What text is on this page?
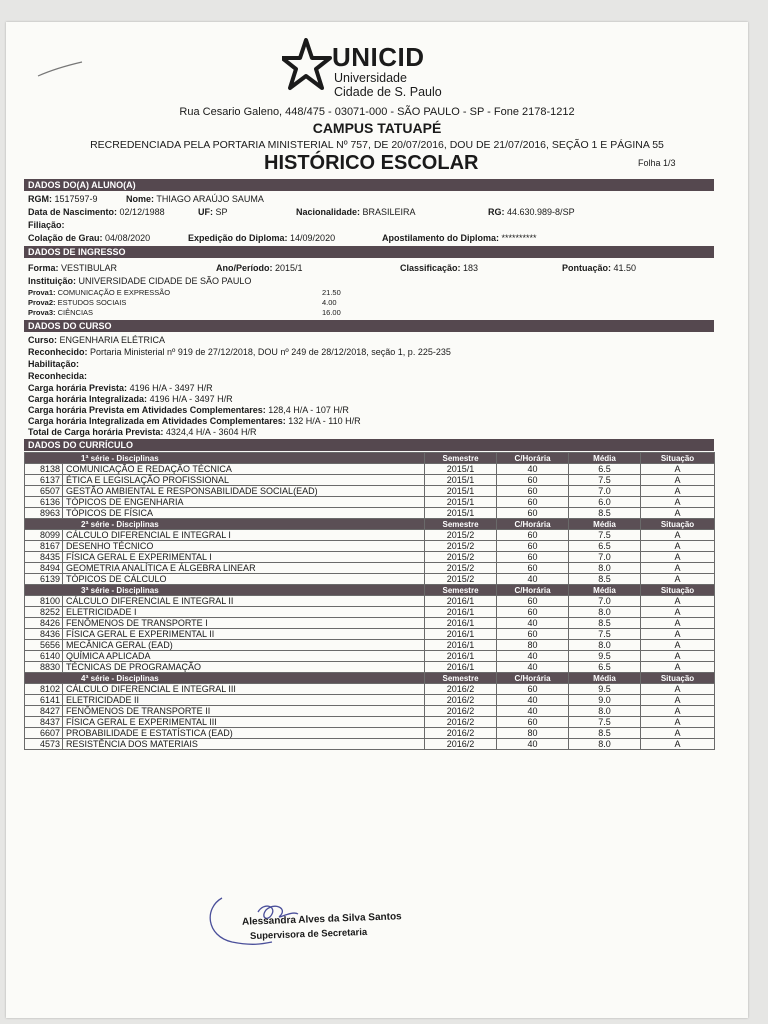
UNICID
Universidade
Cidade de S. Paulo
Rua Cesario Galeno, 448/475 - 03071-000 - SÃO PAULO - SP - Fone 2178-1212
CAMPUS TATUAPÉ
RECREDENCIADA PELA PORTARIA MINISTERIAL Nº 757, DE 20/07/2016, DOU DE 21/07/2016, SEÇÃO 1 E PÁGINA 55
HISTÓRICO ESCOLAR	Folha 1/3
DADOS DO(A) ALUNO(A)
RGM: 1517597-9	Nome: THIAGO ARAÚJO SAUMA
Data de Nascimento: 02/12/1988	UF: SP	Nacionalidade: BRASILEIRA	RG: 44.630.989-8/SP
Filiação:
Colação de Grau: 04/08/2020	Expedição do Diploma: 14/09/2020	Apostilamento do Diploma: **********
DADOS DE INGRESSO
Forma: VESTIBULAR	Ano/Período: 2015/1	Classificação: 183	Pontuação: 41.50
Instituição: UNIVERSIDADE CIDADE DE SÃO PAULO
Prova1: COMUNICAÇÃO E EXPRESSÃO	21.50
Prova2: ESTUDOS SOCIAIS	4.00
Prova3: CIÊNCIAS	16.00
DADOS DO CURSO
Curso: ENGENHARIA ELÉTRICA
Reconhecido: Portaria Ministerial nº 919 de 27/12/2018, DOU nº 249 de 28/12/2018, seção 1, p. 225-235
Habilitação:
Reconhecida:
Carga horária Prevista: 4196 H/A - 3497 H/R
Carga horária Integralizada: 4196 H/A - 3497 H/R
Carga horária Prevista em Atividades Complementares: 128,4 H/A - 107 H/R
Carga horária Integralizada em Atividades Complementares: 132 H/A - 110 H/R
Total de Carga horária Prevista: 4324,4 H/A - 3604 H/R
DADOS DO CURRÍCULO
1ª série - Disciplinas		Semestre	C/Horária	Média	Situação
8138	COMUNICAÇÃO E REDAÇÃO TÉCNICA	2015/1	40	6.5	A
6137	ÉTICA E LEGISLAÇÃO PROFISSIONAL	2015/1	60	7.5	A
6507	GESTÃO AMBIENTAL E RESPONSABILIDADE SOCIAL(EAD)	2015/1	60	7.0	A
6136	TÓPICOS DE ENGENHARIA	2015/1	60	6.0	A
8963	TÓPICOS DE FÍSICA	2015/1	60	8.5	A
2ª série - Disciplinas		Semestre	C/Horária	Média	Situação
8099	CÁLCULO DIFERENCIAL E INTEGRAL I	2015/2	60	7.5	A
8167	DESENHO TÉCNICO	2015/2	60	6.5	A
8435	FÍSICA GERAL E EXPERIMENTAL I	2015/2	60	7.0	A
8494	GEOMETRIA ANALÍTICA E ÁLGEBRA LINEAR	2015/2	60	8.0	A
6139	TÓPICOS DE CÁLCULO	2015/2	40	8.5	A
3ª série - Disciplinas		Semestre	C/Horária	Média	Situação
8100	CÁLCULO DIFERENCIAL E INTEGRAL II	2016/1	60	7.0	A
8252	ELETRICIDADE I	2016/1	60	8.0	A
8426	FENÔMENOS DE TRANSPORTE I	2016/1	40	8.5	A
8436	FÍSICA GERAL E EXPERIMENTAL II	2016/1	60	7.5	A
5656	MECÂNICA GERAL (EAD)	2016/1	80	8.0	A
6140	QUÍMICA APLICADA	2016/1	40	9.5	A
8830	TÉCNICAS DE PROGRAMAÇÃO	2016/1	40	6.5	A
4ª série - Disciplinas		Semestre	C/Horária	Média	Situação
8102	CÁLCULO DIFERENCIAL E INTEGRAL III	2016/2	60	9.5	A
6141	ELETRICIDADE II	2016/2	40	9.0	A
8427	FENÔMENOS DE TRANSPORTE II	2016/2	40	8.0	A
8437	FÍSICA GERAL E EXPERIMENTAL III	2016/2	60	7.5	A
6607	PROBABILIDADE E ESTATÍSTICA (EAD)	2016/2	80	8.5	A
4573	RESISTÊNCIA DOS MATERIAIS	2016/2	40	8.0	A
Alessandra Alves da Silva Santos
Supervisora de Secretaria
